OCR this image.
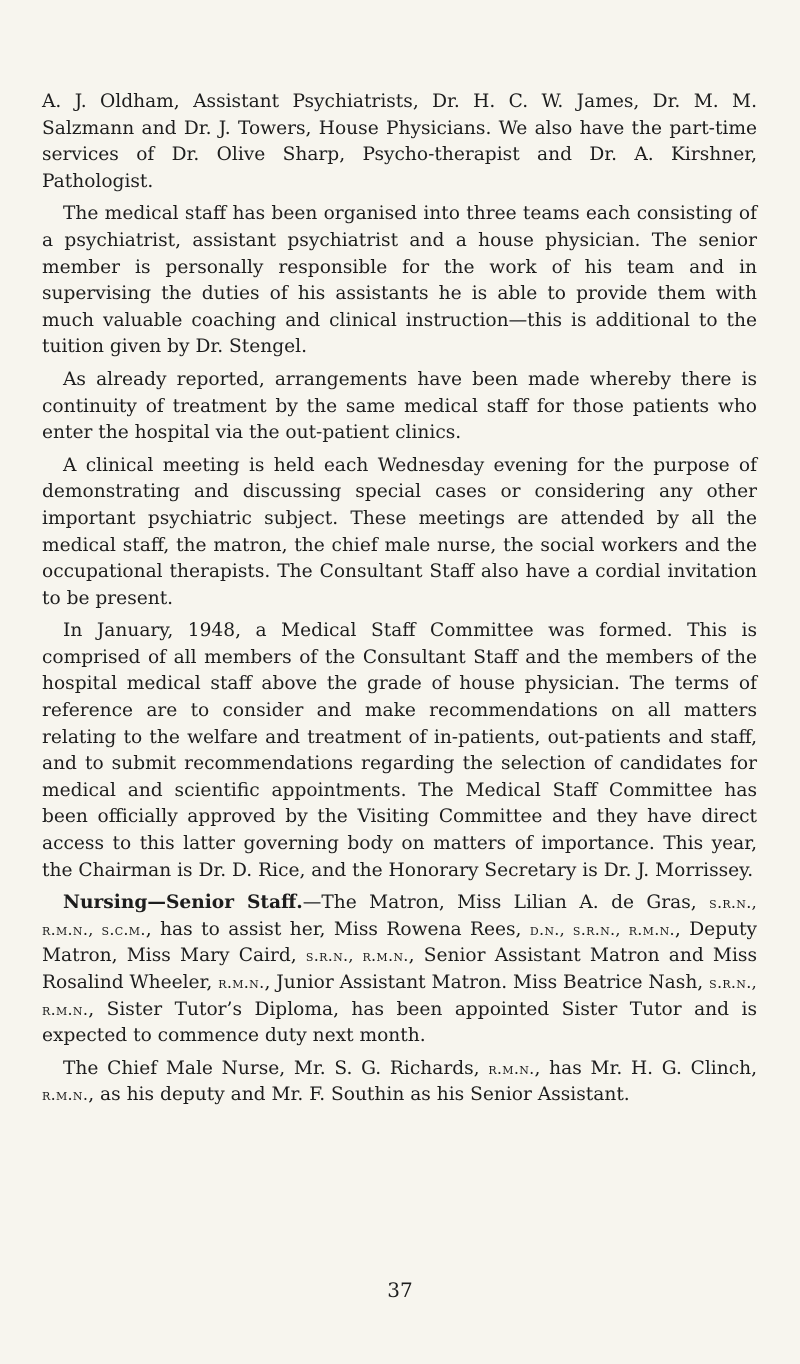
A. J. Oldham, Assistant Psychiatrists, Dr. H. C. W. James, Dr. M. M. Salzmann and Dr. J. Towers, House Physicians. We also have the part-time services of Dr. Olive Sharp, Psycho-therapist and Dr. A. Kirshner, Pathologist.

The medical staff has been organised into three teams each consisting of a psychiatrist, assistant psychiatrist and a house physician. The senior member is personally responsible for the work of his team and in supervising the duties of his assistants he is able to provide them with much valuable coaching and clinical instruction—this is additional to the tuition given by Dr. Stengel.

As already reported, arrangements have been made whereby there is continuity of treatment by the same medical staff for those patients who enter the hospital via the out-patient clinics.

A clinical meeting is held each Wednesday evening for the purpose of demonstrating and discussing special cases or considering any other important psychiatric subject. These meetings are attended by all the medical staff, the matron, the chief male nurse, the social workers and the occupational therapists. The Consultant Staff also have a cordial invitation to be present.

In January, 1948, a Medical Staff Committee was formed. This is comprised of all members of the Consultant Staff and the members of the hospital medical staff above the grade of house physician. The terms of reference are to consider and make recommendations on all matters relating to the welfare and treatment of in-patients, out-patients and staff, and to submit recommendations regarding the selection of candidates for medical and scientific appointments. The Medical Staff Committee has been officially approved by the Visiting Committee and they have direct access to this latter governing body on matters of importance. This year, the Chairman is Dr. D. Rice, and the Honorary Secretary is Dr. J. Morrissey.

Nursing—Senior Staff.—The Matron, Miss Lilian A. de Gras, s.r.n., r.m.n., s.c.m., has to assist her, Miss Rowena Rees, d.n., s.r.n., r.m.n., Deputy Matron, Miss Mary Caird, s.r.n., r.m.n., Senior Assistant Matron and Miss Rosalind Wheeler, r.m.n., Junior Assistant Matron. Miss Beatrice Nash, s.r.n., r.m.n., Sister Tutor’s Diploma, has been appointed Sister Tutor and is expected to commence duty next month.

The Chief Male Nurse, Mr. S. G. Richards, r.m.n., has Mr. H. G. Clinch, r.m.n., as his deputy and Mr. F. Southin as his Senior Assistant.

37
